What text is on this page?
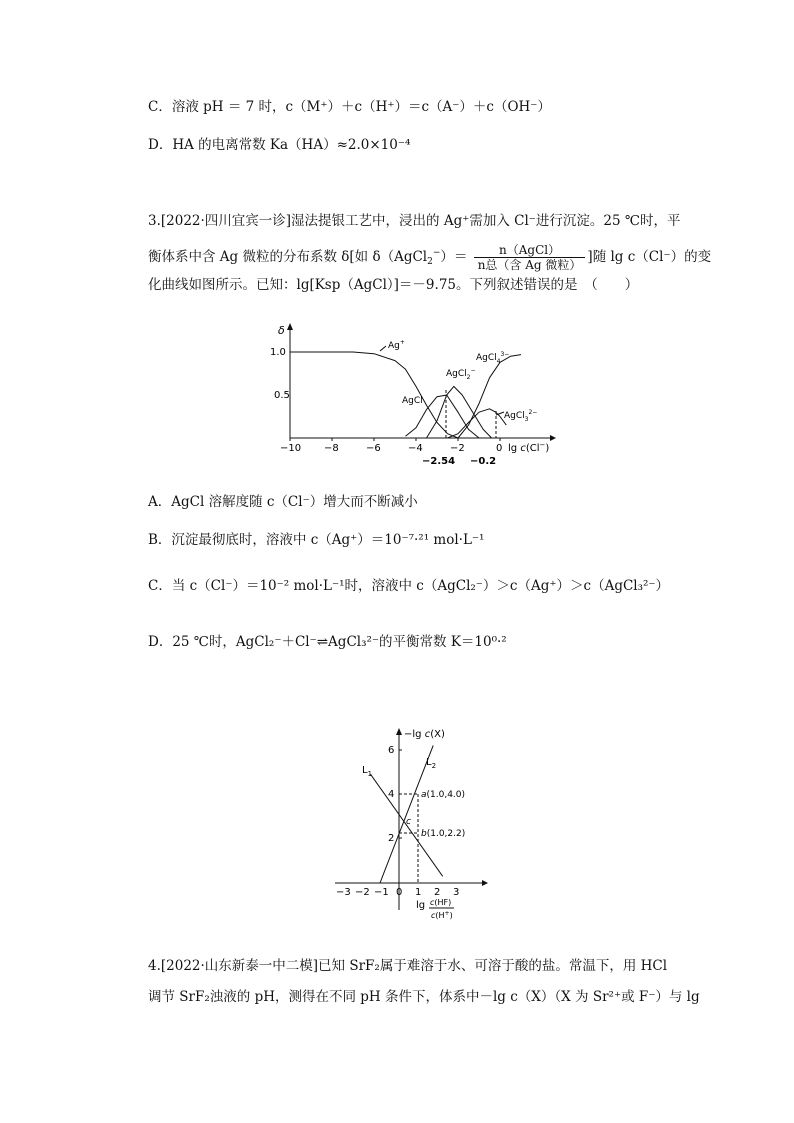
C．溶液 pH ＝ 7 时，c（M⁺）＋c（H⁺）＝c（A⁻）＋c（OH⁻）
D．HA 的电离常数 Ka（HA）≈2.0×10⁻⁴
3.[2022·四川宜宾一诊]湿法提银工艺中，浸出的 Ag⁺需加入 Cl⁻进行沉淀。25 ℃时，平
衡体系中含 Ag 微粒的分布系数 δ[如 δ（AgCl$_2$−）＝ $\frac{\text{n（AgCl）}}{\text{n总（含 Ag 微粒）}}$ ]随 lg c（Cl⁻）的变
化曲线如图所示。已知：lg[Ksp（AgCl）]＝－9.75。下列叙述错误的是　（　　）
δ
1.0
0.5
−10 −8	−6	−4	−2	0 lg c(Cl−)
−2.54 −0.2
Ag+
AgCl$_2$−
AgCl
AgCl$_4^{3-}$
AgCl$_3^{2-}$
A．AgCl 溶解度随 c（Cl⁻）增大而不断减小
B．沉淀最彻底时，溶液中 c（Ag⁺）＝10⁻⁷·²¹ mol·L⁻¹
C．当 c（Cl⁻）＝10⁻² mol·L⁻¹时，溶液中 c（AgCl₂⁻）＞c（Ag⁺）＞c（AgCl₃²⁻）
D．25 ℃时，AgCl₂⁻＋Cl⁻⇌AgCl₃²⁻的平衡常数 K＝10⁰·²
−lg c(X)
6
4
2
−3 −2 −1 0 1 2 3
$L_1$
$L_2$
a(1.0,4.0)
b(1.0,2.2)
c
lg c(HF)
c(H+)
4.[2022·山东新泰一中二模]已知 SrF₂属于难溶于水、可溶于酸的盐。常温下，用 HCl
调节 SrF₂浊液的 pH，测得在不同 pH 条件下，体系中－lg c（X）（X 为 Sr²⁺或 F⁻）与 lg
